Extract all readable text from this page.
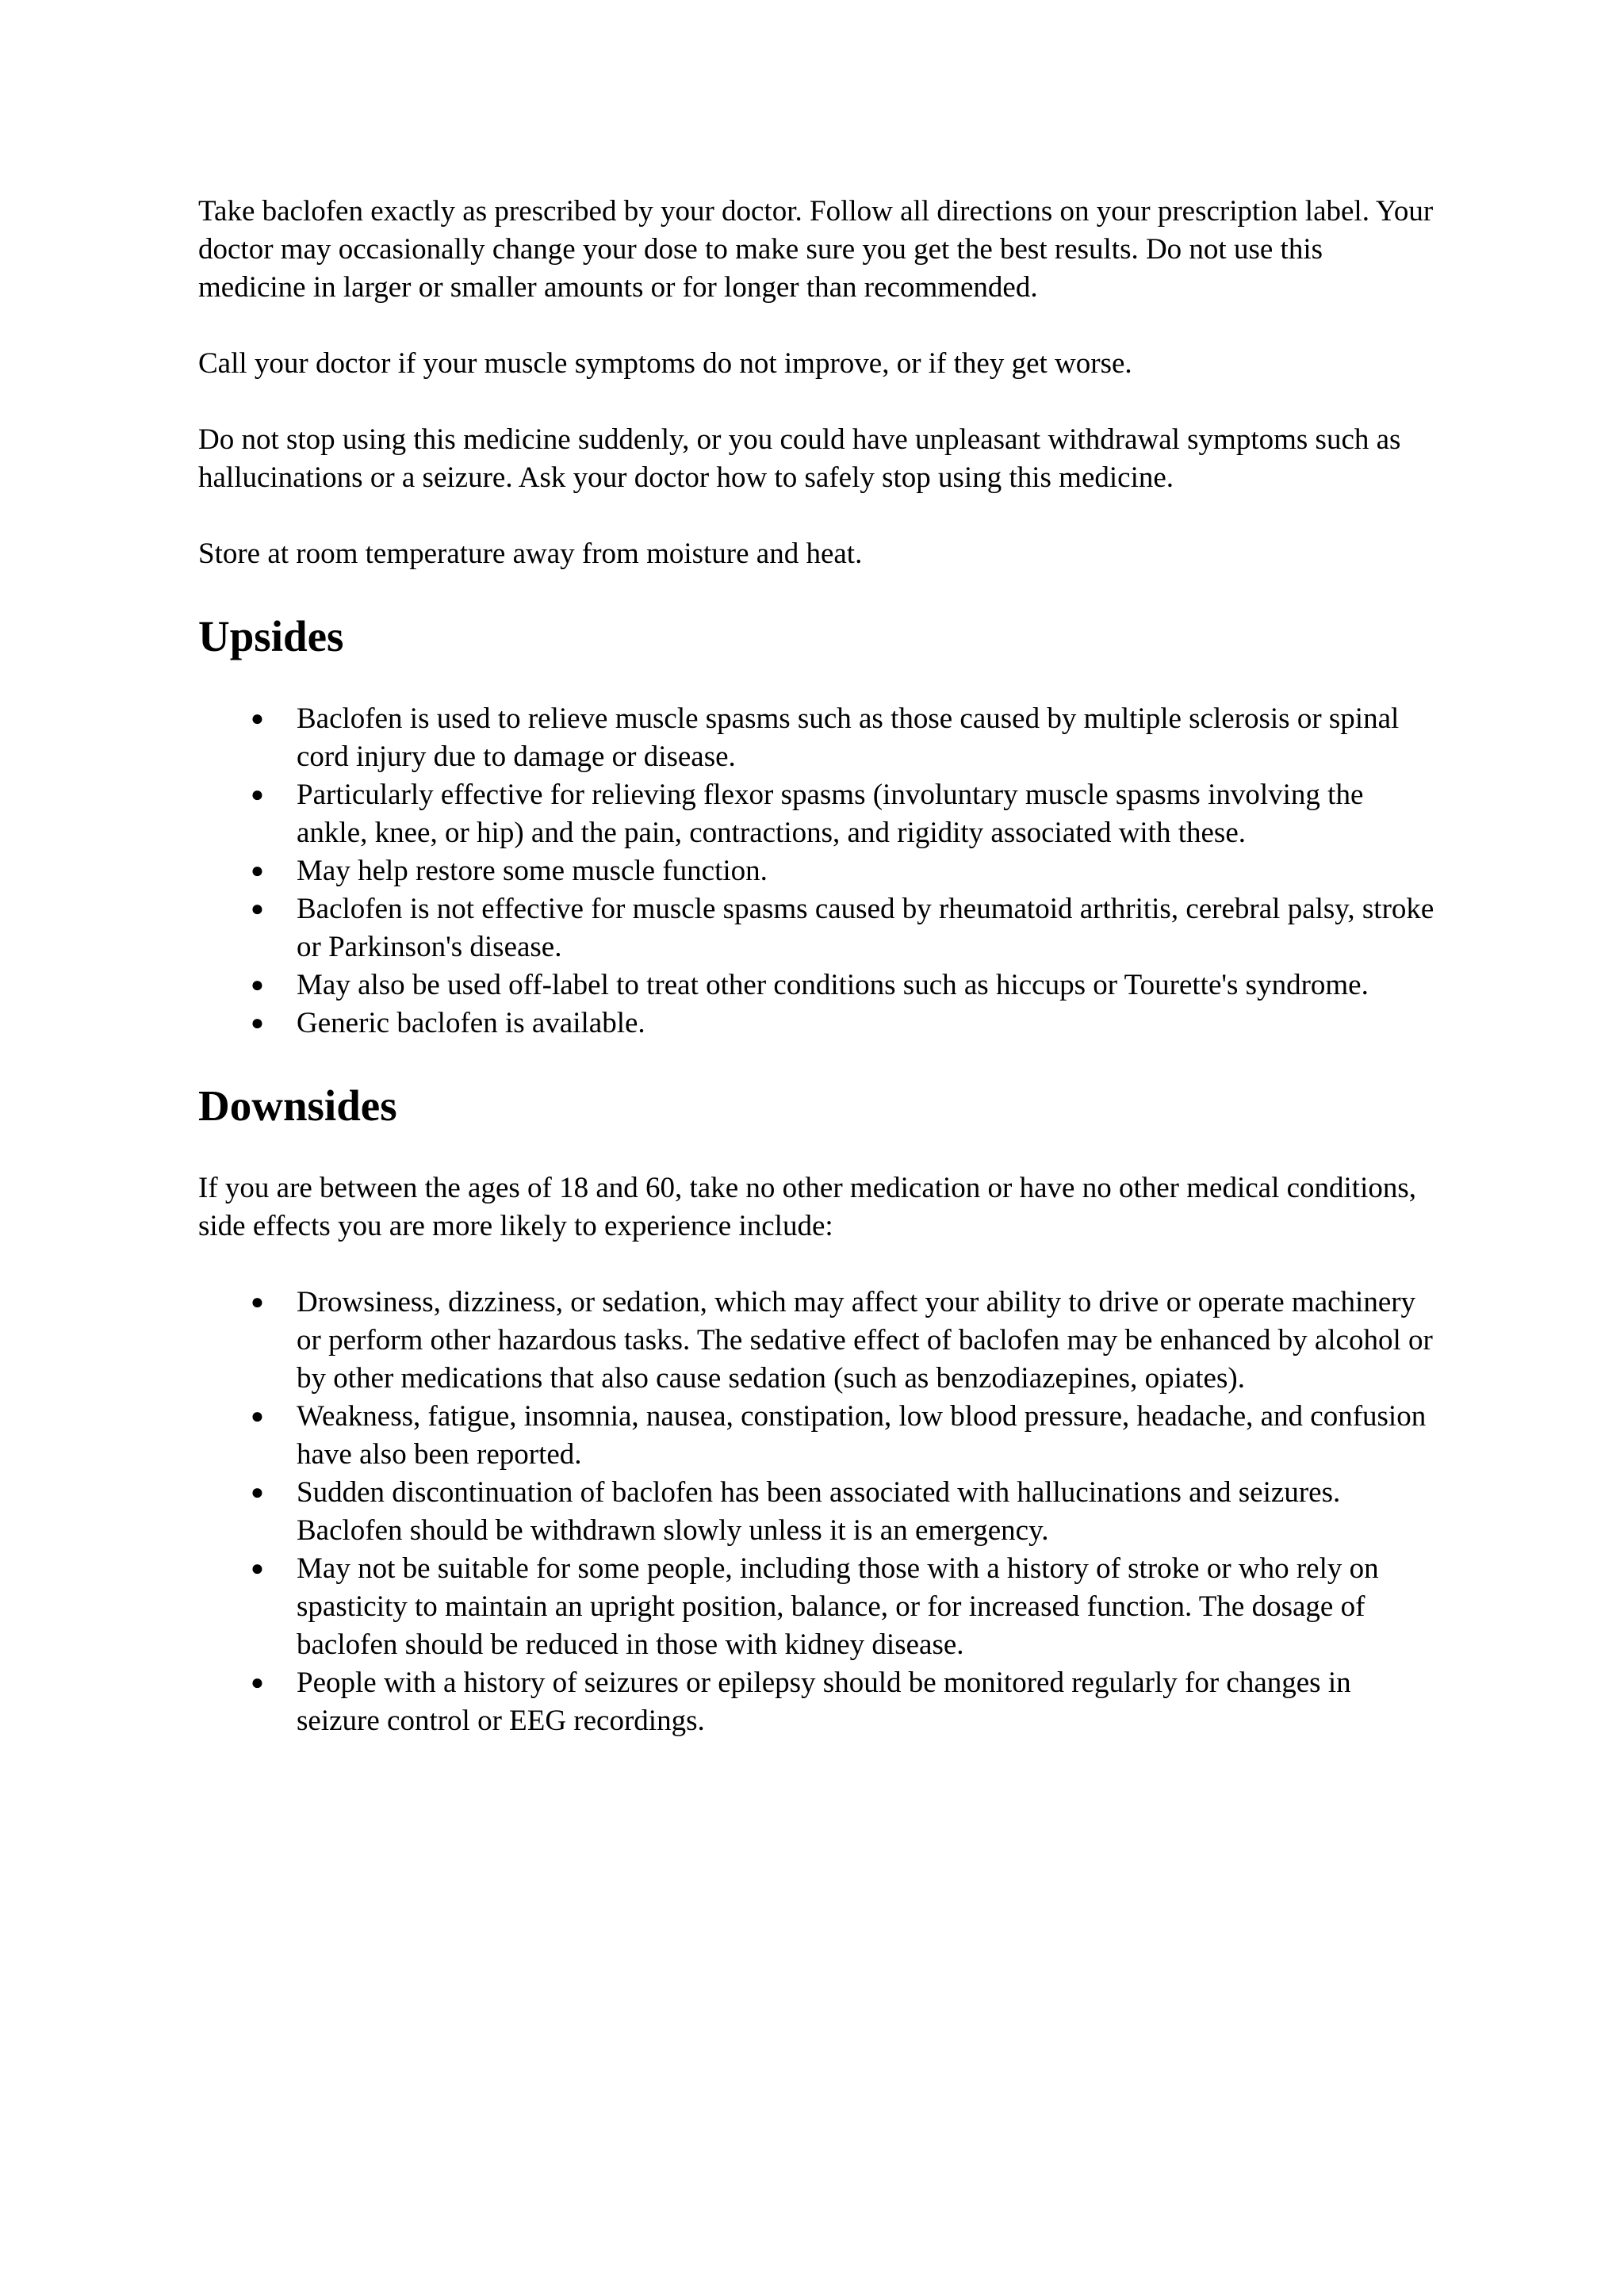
Take baclofen exactly as prescribed by your doctor. Follow all directions on your prescription label. Your doctor may occasionally change your dose to make sure you get the best results. Do not use this medicine in larger or smaller amounts or for longer than recommended.

Call your doctor if your muscle symptoms do not improve, or if they get worse.

Do not stop using this medicine suddenly, or you could have unpleasant withdrawal symptoms such as hallucinations or a seizure. Ask your doctor how to safely stop using this medicine.

Store at room temperature away from moisture and heat.

Upsides
● Baclofen is used to relieve muscle spasms such as those caused by multiple sclerosis or spinal cord injury due to damage or disease.
● Particularly effective for relieving flexor spasms (involuntary muscle spasms involving the ankle, knee, or hip) and the pain, contractions, and rigidity associated with these.
● May help restore some muscle function.
● Baclofen is not effective for muscle spasms caused by rheumatoid arthritis, cerebral palsy, stroke or Parkinson's disease.
● May also be used off-label to treat other conditions such as hiccups or Tourette's syndrome.
● Generic baclofen is available.
Downsides

If you are between the ages of 18 and 60, take no other medication or have no other medical conditions, side effects you are more likely to experience include:

● Drowsiness, dizziness, or sedation, which may affect your ability to drive or operate machinery or perform other hazardous tasks. The sedative effect of baclofen may be enhanced by alcohol or by other medications that also cause sedation (such as benzodiazepines, opiates).
● Weakness, fatigue, insomnia, nausea, constipation, low blood pressure, headache, and confusion have also been reported.
● Sudden discontinuation of baclofen has been associated with hallucinations and seizures. Baclofen should be withdrawn slowly unless it is an emergency.
● May not be suitable for some people, including those with a history of stroke or who rely on spasticity to maintain an upright position, balance, or for increased function. The dosage of baclofen should be reduced in those with kidney disease.
● People with a history of seizures or epilepsy should be monitored regularly for changes in seizure control or EEG recordings.
